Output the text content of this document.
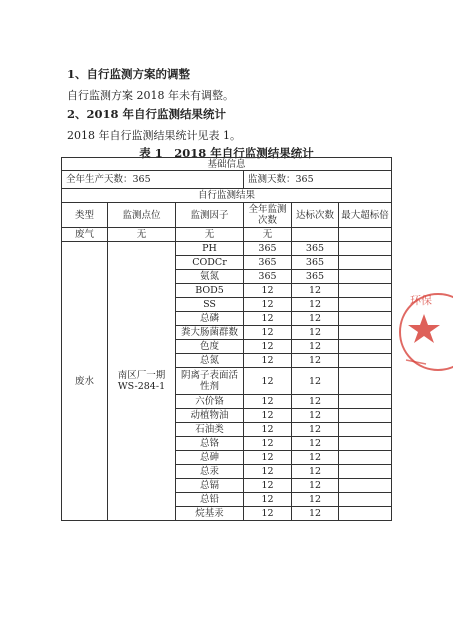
1、自行监测方案的调整
自行监测方案 2018 年未有调整。
2、2018 年自行监测结果统计
2018 年自行监测结果统计见表 1。
表 1　2018 年自行监测结果统计
基础信息					
全年生产天数：365			监测天数：365		
自行监测结果					
类型	监测点位	监测因子	全年监测次数	达标次数	最大超标倍
废气	无	无	无		
废水	南区厂一期 WS-284-1	PH	365	365	
		CODCr	365	365	
		氨氮	365	365	
		BOD5	12	12	
		SS	12	12	
		总磷	12	12	
		粪大肠菌群数	12	12	
		色度	12	12	
		总氮	12	12	
		阴离子表面活性剂	12	12	
		六价铬	12	12	
		动植物油	12	12	
		石油类	12	12	
		总铬	12	12	
		总砷	12	12	
		总汞	12	12	
		总镉	12	12	
		总铅	12	12	
		烷基汞	12	12	
环保
